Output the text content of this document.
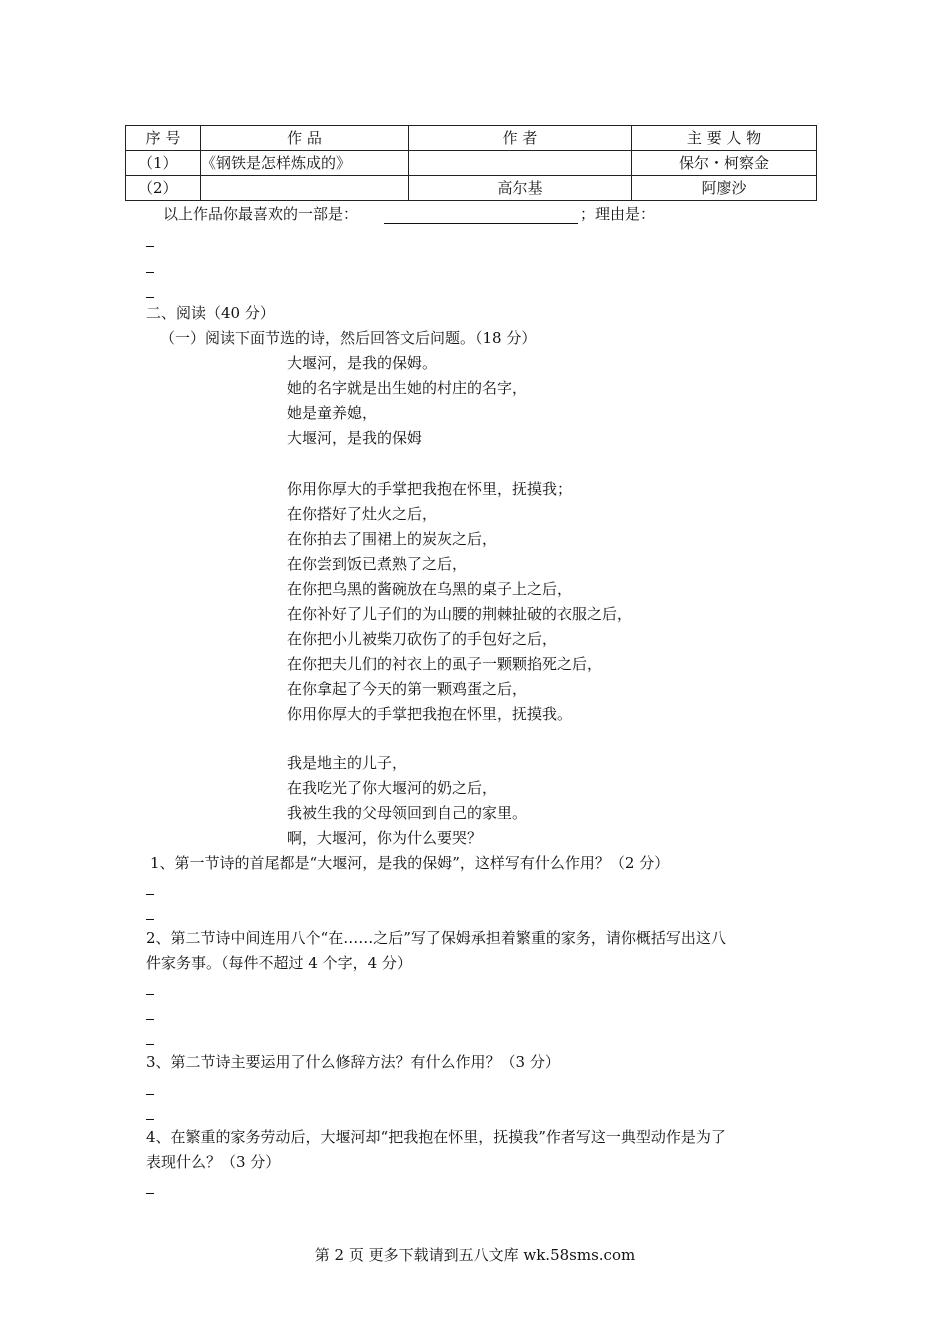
序 号	作 品	作 者	主 要 人 物
（1）	《钢铁是怎样炼成的》		保尔・柯察金
（2）		高尔基	阿廖沙
以上作品你最喜欢的一部是：	；理由是：
二、阅读（40 分）
（一）阅读下面节选的诗，然后回答文后问题。（18 分）
大堰河，是我的保姆。
她的名字就是出生她的村庄的名字，
她是童养媳，
大堰河，是我的保姆
你用你厚大的手掌把我抱在怀里，抚摸我；
在你搭好了灶火之后，
在你拍去了围裙上的炭灰之后，
在你尝到饭已煮熟了之后，
在你把乌黑的酱碗放在乌黑的桌子上之后，
在你补好了儿子们的为山腰的荆棘扯破的衣服之后，
在你把小儿被柴刀砍伤了的手包好之后，
在你把夫儿们的衬衣上的虱子一颗颗掐死之后，
在你拿起了今天的第一颗鸡蛋之后，
你用你厚大的手掌把我抱在怀里，抚摸我。
我是地主的儿子，
在我吃光了你大堰河的奶之后，
我被生我的父母领回到自己的家里。
啊，大堰河，你为什么要哭？
1、第一节诗的首尾都是“大堰河，是我的保姆”，这样写有什么作用？（2 分）
2、第二节诗中间连用八个“在……之后”写了保姆承担着繁重的家务，请你概括写出这八
件家务事。（每件不超过 4 个字，4 分）
3、第二节诗主要运用了什么修辞方法？有什么作用？（3 分）
4、在繁重的家务劳动后，大堰河却“把我抱在怀里，抚摸我”作者写这一典型动作是为了
表现什么？（3 分）
第 2 页 更多下载请到五八文库 wk.58sms.com
